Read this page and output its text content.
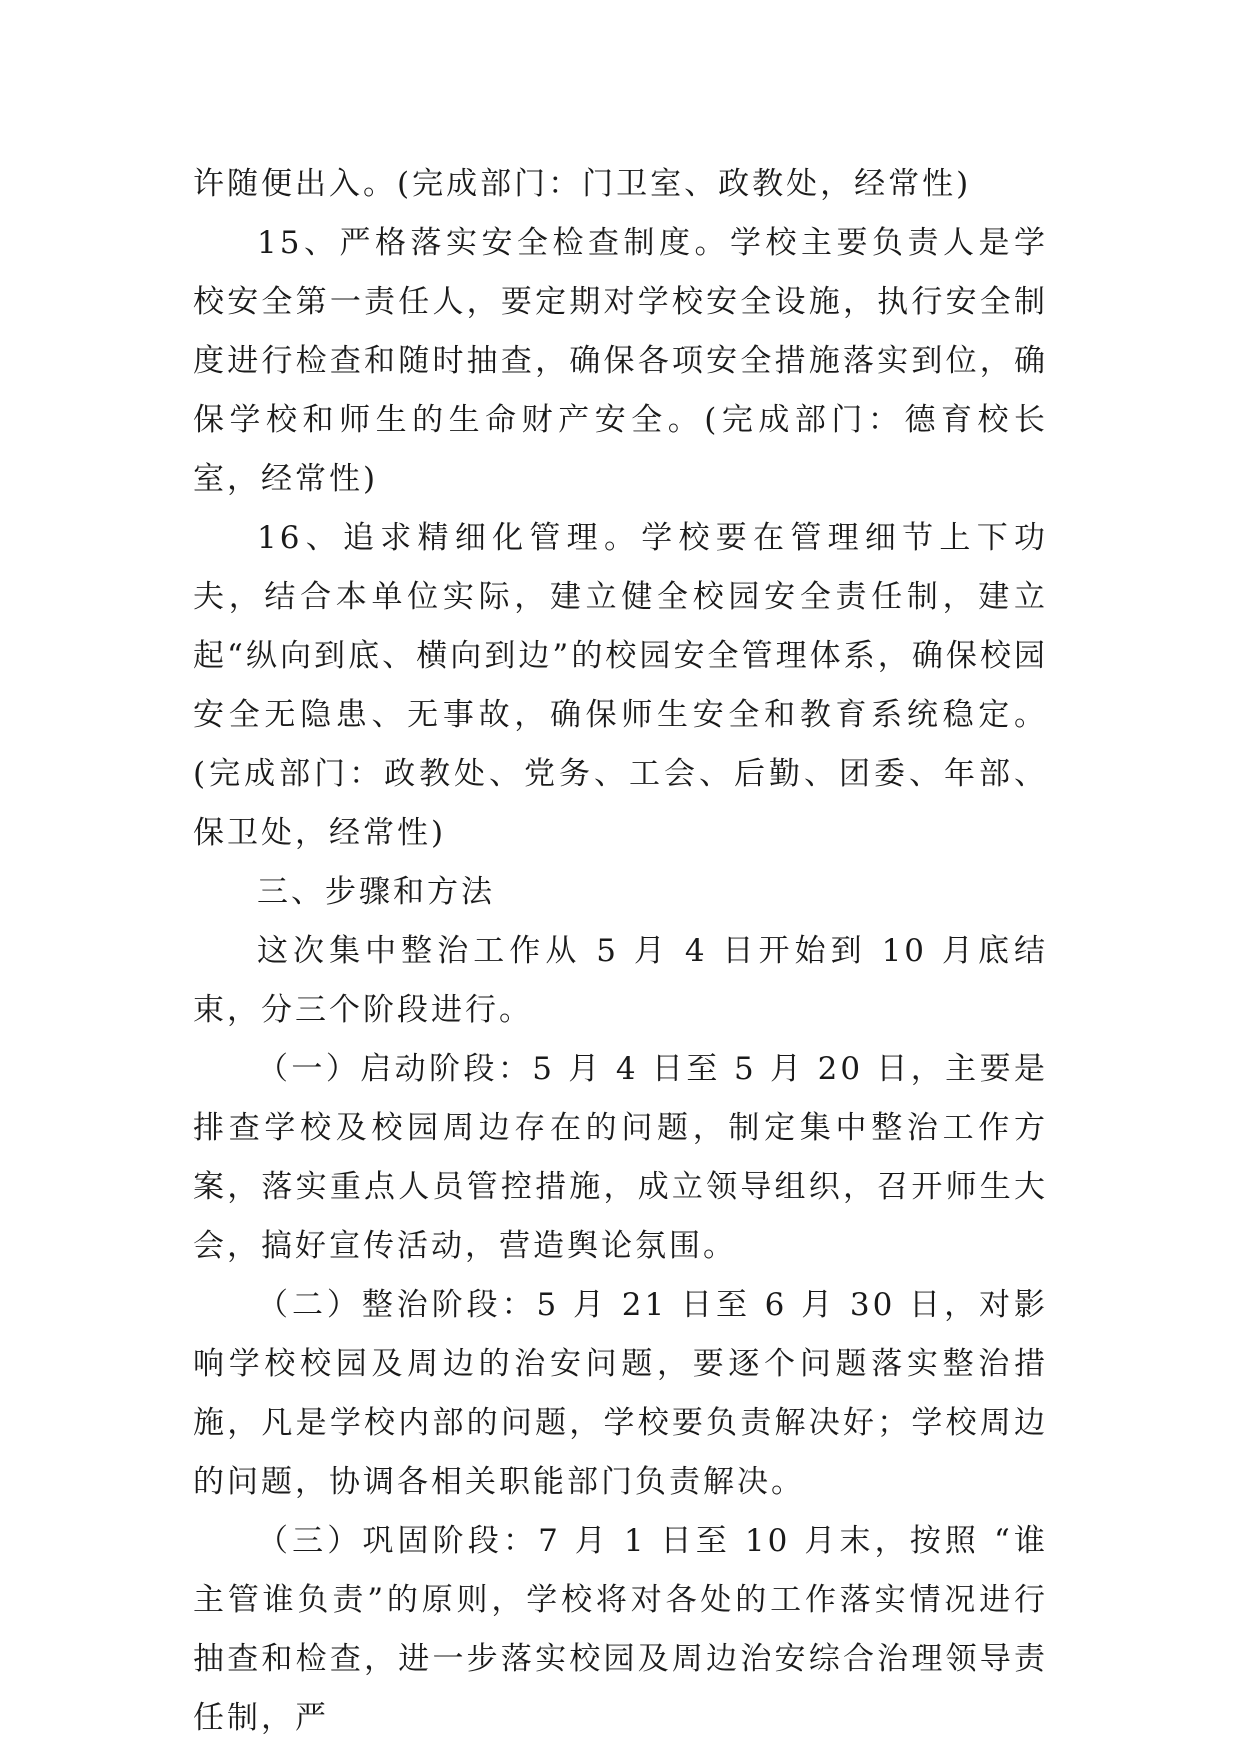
许随便出入。(完成部门：门卫室、政教处，经常性)

15、严格落实安全检查制度。学校主要负责人是学校安全第一责任人，要定期对学校安全设施，执行安全制度进行检查和随时抽查，确保各项安全措施落实到位，确保学校和师生的生命财产安全。(完成部门：德育校长室，经常性)

16、追求精细化管理。学校要在管理细节上下功夫，结合本单位实际，建立健全校园安全责任制，建立起“纵向到底、横向到边”的校园安全管理体系，确保校园安全无隐患、无事故，确保师生安全和教育系统稳定。(完成部门：政教处、党务、工会、后勤、团委、年部、保卫处，经常性)

三、步骤和方法

这次集中整治工作从 5 月 4 日开始到 10 月底结束，分三个阶段进行。

（一）启动阶段：5 月 4 日至 5 月 20 日，主要是排查学校及校园周边存在的问题，制定集中整治工作方案，落实重点人员管控措施，成立领导组织，召开师生大会，搞好宣传活动，营造舆论氛围。

（二）整治阶段：5 月 21 日至 6 月 30 日，对影响学校校园及周边的治安问题，要逐个问题落实整治措施，凡是学校内部的问题，学校要负责解决好；学校周边的问题，协调各相关职能部门负责解决。

（三）巩固阶段：7 月 1 日至 10 月末，按照 “谁主管谁负责”的原则，学校将对各处的工作落实情况进行抽查和检查，进一步落实校园及周边治安综合治理领导责任制，严
